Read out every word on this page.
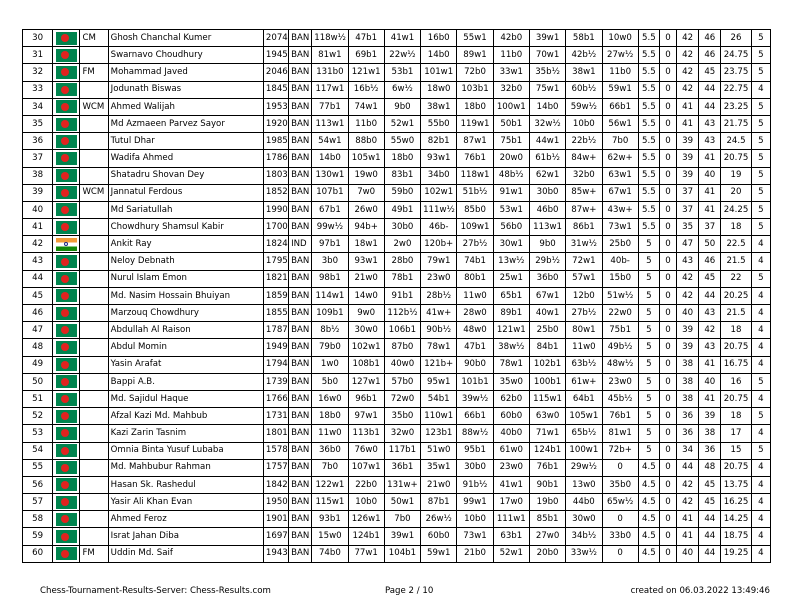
30		CM	Ghosh Chanchal Kumer	2074	BAN	118w½	47b1	41w1	16b0	55w1	42b0	39w1	58b1	10w0	5.5	0	42	46	26	5
31			Swarnavo Choudhury	1945	BAN	81w1	69b1	22w½	14b0	89w1	11b0	70w1	42b½	27w½	5.5	0	42	46	24.75	5
32		FM	Mohammad Javed	2046	BAN	131b0	121w1	53b1	101w1	72b0	33w1	35b½	38w1	11b0	5.5	0	42	45	23.75	5
33			Jodunath Biswas	1845	BAN	117w1	16b½	6w½	18w0	103b1	32b0	75w1	60b½	59w1	5.5	0	42	44	22.75	4
34		WCM	Ahmed Walijah	1953	BAN	77b1	74w1	9b0	38w1	18b0	100w1	14b0	59w½	66b1	5.5	0	41	44	23.25	5
35			Md Azmaeen Parvez Sayor	1920	BAN	113w1	11b0	52w1	55b0	119w1	50b1	32w½	10b0	56w1	5.5	0	41	43	21.75	5
36			Tutul Dhar	1985	BAN	54w1	88b0	55w0	82b1	87w1	75b1	44w1	22b½	7b0	5.5	0	39	43	24.5	5
37			Wadifa Ahmed	1786	BAN	14b0	105w1	18b0	93w1	76b1	20w0	61b½	84w+	62w+	5.5	0	39	41	20.75	5
38			Shatadru Shovan Dey	1803	BAN	130w1	19w0	83b1	34b0	118w1	48b½	62w1	32b0	63w1	5.5	0	39	40	19	5
39		WCM	Jannatul Ferdous	1852	BAN	107b1	7w0	59b0	102w1	51b½	91w1	30b0	85w+	67w1	5.5	0	37	41	20	5
40			Md Sariatullah	1990	BAN	67b1	26w0	49b1	111w½	85b0	53w1	46b0	87w+	43w+	5.5	0	37	41	24.25	5
41			Chowdhury Shamsul Kabir	1700	BAN	99w½	94b+	30b0	46b-	109w1	56b0	113w1	86b1	73w1	5.5	0	35	37	18	5
42			Ankit Ray	1824	IND	97b1	18w1	2w0	120b+	27b½	30w1	9b0	31w½	25b0	5	0	47	50	22.5	4
43			Neloy Debnath	1795	BAN	3b0	93w1	28b0	79w1	74b1	13w½	29b½	72w1	40b-	5	0	43	46	21.5	4
44			Nurul Islam Emon	1821	BAN	98b1	21w0	78b1	23w0	80b1	25w1	36b0	57w1	15b0	5	0	42	45	22	5
45			Md. Nasim Hossain Bhuiyan	1859	BAN	114w1	14w0	91b1	28b½	11w0	65b1	67w1	12b0	51w½	5	0	42	44	20.25	4
46			Marzouq Chowdhury	1855	BAN	109b1	9w0	112b½	41w+	28w0	89b1	40w1	27b½	22w0	5	0	40	43	21.5	4
47			Abdullah Al Raison	1787	BAN	8b½	30w0	106b1	90b½	48w0	121w1	25b0	80w1	75b1	5	0	39	42	18	4
48			Abdul Momin	1949	BAN	79b0	102w1	87b0	78w1	47b1	38w½	84b1	11w0	49b½	5	0	39	43	20.75	4
49			Yasin Arafat	1794	BAN	1w0	108b1	40w0	121b+	90b0	78w1	102b1	63b½	48w½	5	0	38	41	16.75	4
50			Bappi A.B.	1739	BAN	5b0	127w1	57b0	95w1	101b1	35w0	100b1	61w+	23w0	5	0	38	40	16	5
51			Md. Sajidul Haque	1766	BAN	16w0	96b1	72w0	54b1	39w½	62b0	115w1	64b1	45b½	5	0	38	41	20.75	4
52			Afzal Kazi Md. Mahbub	1731	BAN	18b0	97w1	35b0	110w1	66b1	60b0	63w0	105w1	76b1	5	0	36	39	18	5
53			Kazi Zarin Tasnim	1801	BAN	11w0	113b1	32w0	123b1	88w½	40b0	71w1	65b½	81w1	5	0	36	38	17	4
54			Omnia Binta Yusuf Lubaba	1578	BAN	36b0	76w0	117b1	51w0	95b1	61w0	124b1	100w1	72b+	5	0	34	36	15	5
55			Md. Mahbubur Rahman	1757	BAN	7b0	107w1	36b1	35w1	30b0	23w0	76b1	29w½	0	4.5	0	44	48	20.75	4
56			Hasan Sk. Rashedul	1842	BAN	122w1	22b0	131w+	21w0	91b½	41w1	90b1	13w0	35b0	4.5	0	42	45	13.75	4
57			Yasir Ali Khan Evan	1950	BAN	115w1	10b0	50w1	87b1	99w1	17w0	19b0	44b0	65w½	4.5	0	42	45	16.25	4
58			Ahmed Feroz	1901	BAN	93b1	126w1	7b0	26w½	10b0	111w1	85b1	30w0	0	4.5	0	41	44	14.25	4
59			Israt Jahan Diba	1697	BAN	15w0	124b1	39w1	60b0	73w1	63b1	27w0	34b½	33b0	4.5	0	41	44	18.75	4
60		FM	Uddin Md. Saif	1943	BAN	74b0	77w1	104b1	59w1	21b0	52w1	20b0	33w½	0	4.5	0	40	44	19.25	4
Chess-Tournament-Results-Server: Chess-Results.com	Page 2 / 10	created on 06.03.2022 13:49:46
